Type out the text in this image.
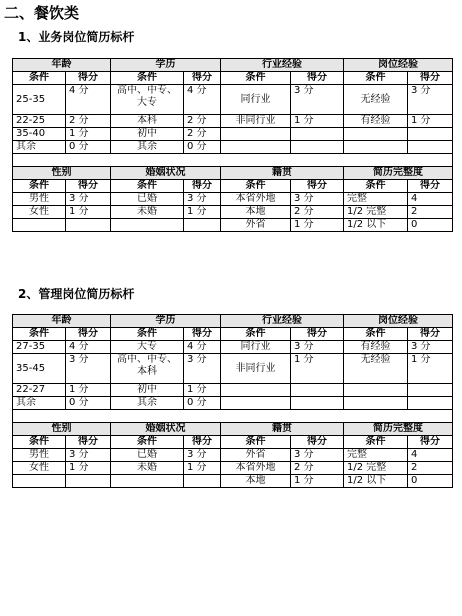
二、餐饮类
1、业务岗位简历标杆
年龄		学历		行业经验		岗位经验	
条件	得分	条件	得分	条件	得分	条件	得分
25-35	4 分	高中、中专、大专	4 分	同行业	3 分	无经验	3 分
22-25	2 分	本科	2 分	非同行业	1 分	有经验	1 分
35-40	1 分	初中	2 分				
其余	0 分	其余	0 分				

性别		婚姻状况		籍贯		简历完整度	
条件	得分	条件	得分	条件	得分	条件	得分
男性	3 分	已婚	3 分	本省外地	3 分	完整	4
女性	1 分	未婚	1 分	本地	2 分	1/2 完整	2
				外省	1 分	1/2 以下	0
2、管理岗位简历标杆
年龄		学历		行业经验		岗位经验	
条件	得分	条件	得分	条件	得分	条件	得分
27-35	4 分	大专	4 分	同行业	3 分	有经验	3 分
35-45	3 分	高中、中专、本科	3 分	非同行业	1 分	无经验	1 分
22-27	1 分	初中	1 分				
其余	0 分	其余	0 分				

性别		婚姻状况		籍贯		简历完整度	
条件	得分	条件	得分	条件	得分	条件	得分
男性	3 分	已婚	3 分	外省	3 分	完整	4
女性	1 分	未婚	1 分	本省外地	2 分	1/2 完整	2
				本地	1 分	1/2 以下	0
